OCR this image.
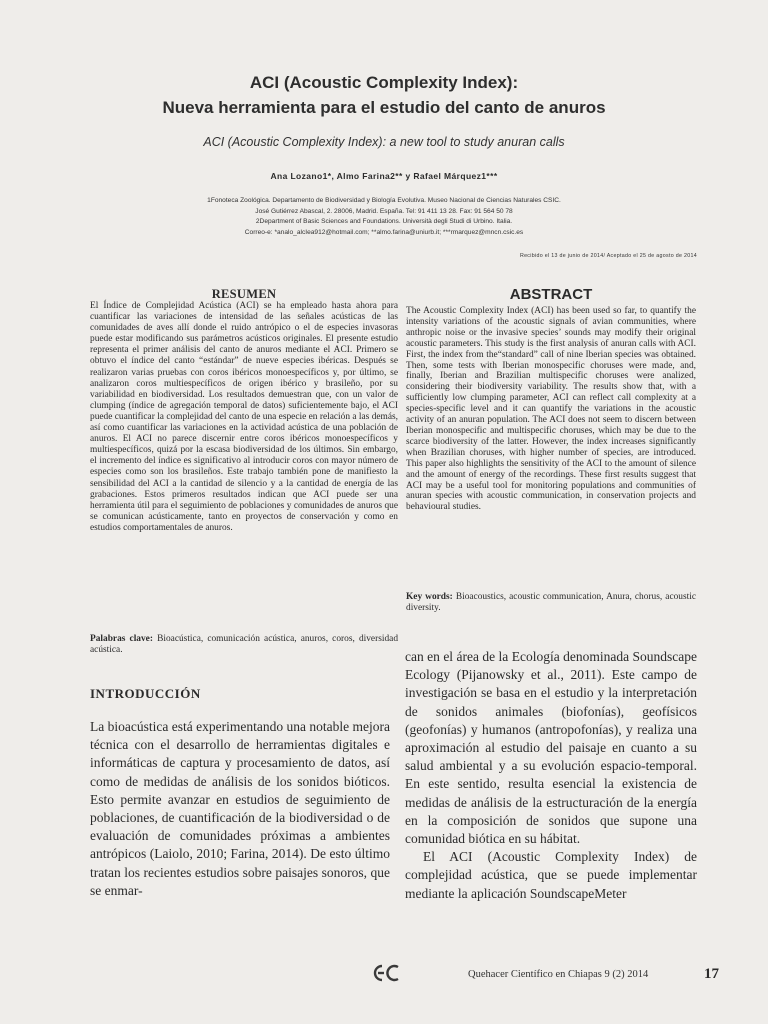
ACI (Acoustic Complexity Index):
Nueva herramienta para el estudio del canto de anuros
ACI (Acoustic Complexity Index): a new tool to study anuran calls
Ana Lozano1*, Almo Farina2** y Rafael Márquez1***
1Fonoteca Zoológica. Departamento de Biodiversidad y Biología Evolutiva. Museo Nacional de Ciencias Naturales CSIC.
José Gutiérrez Abascal, 2. 28006, Madrid. España. Tel: 91 411 13 28. Fax: 91 564 50 78
2Department of Basic Sciences and Foundations. Università degli Studi di Urbino. Italia.
Correo-e: *analo_alcIea912@hotmail.com; **almo.farina@uniurb.it; ***rmarquez@mncn.csic.es
Recibido el 13 de junio de 2014/ Aceptado el 25 de agosto de 2014
RESUMEN
El Índice de Complejidad Acústica (ACI) se ha empleado hasta ahora para cuantificar las variaciones de intensidad de las señales acústicas de las comunidades de aves allí donde el ruido antrópico o el de especies invasoras puede estar modificando sus parámetros acústicos originales. El presente estudio representa el primer análisis del canto de anuros mediante el ACI. Primero se obtuvo el índice del canto “estándar” de nueve especies ibéricas. Después se realizaron varias pruebas con coros ibéricos monoespecíficos y, por último, se analizaron coros multiespecíficos de origen ibérico y brasileño, por su variabilidad en biodiversidad. Los resultados demuestran que, con un valor de clumping (índice de agregación temporal de datos) suficientemente bajo, el ACI puede cuantificar la complejidad del canto de una especie en relación a las demás, así como cuantificar las variaciones en la actividad acústica de una población de anuros. El ACI no parece discernir entre coros ibéricos monoespecíficos y multiespecíficos, quizá por la escasa biodiversidad de los últimos. Sin embargo, el incremento del índice es significativo al introducir coros con mayor número de especies como son los brasileños. Este trabajo también pone de manifiesto la sensibilidad del ACI a la cantidad de silencio y a la cantidad de energía de las grabaciones. Estos primeros resultados indican que ACI puede ser una herramienta útil para el seguimiento de poblaciones y comunidades de anuros que se comunican acústicamente, tanto en proyectos de conservación y como en estudios comportamentales de anuros.
Palabras clave: Bioacústica, comunicación acústica, anuros, coros, diversidad acústica.
ABSTRACT
The Acoustic Complexity Index (ACI) has been used so far, to quantify the intensity variations of the acoustic signals of avian communities, where anthropic noise or the invasive species’ sounds may modify their original acoustic parameters. This study is the first analysis of anuran calls with ACI. First, the index from the“standard” call of nine Iberian species was obtained. Then, some tests with Iberian monospecific choruses were made, and, finally, Iberian and Brazilian multispecific choruses were analized, considering their biodiversity variability. The results show that, with a sufficiently low clumping parameter, ACI can reflect call complexity at a species-specific level and it can quantify the variations in the acoustic activity of an anuran population. The ACI does not seem to discern between Iberian monospecific and multispecific choruses, which may be due to the scarce biodiversity of the latter. However, the index increases significantly when Brazilian choruses, with higher number of species, are introduced. This paper also highlights the sensitivity of the ACI to the amount of silence and the amount of energy of the recordings. These first results suggest that ACI may be a useful tool for monitoring populations and communities of anuran species with acoustic communication, in conservation projects and behavioural studies.
Key words: Bioacoustics, acoustic communication, Anura, chorus, acoustic diversity.
INTRODUCCIÓN
La bioacústica está experimentando una notable mejora técnica con el desarrollo de herramientas digitales e informáticas de captura y procesamiento de datos, así como de medidas de análisis de los sonidos bióticos. Esto permite avanzar en estudios de seguimiento de poblaciones, de cuantificación de la biodiversidad o de evaluación de comunidades próximas a ambientes antrópicos (Laiolo, 2010; Farina, 2014). De esto último tratan los recientes estudios sobre paisajes sonoros, que se enmar-

can en el área de la Ecología denominada Soundscape Ecology (Pijanowsky et al., 2011). Este campo de investigación se basa en el estudio y la interpretación de sonidos animales (biofonías), geofísicos (geofonías) y humanos (antropofonías), y realiza una aproximación al estudio del paisaje en cuanto a su salud ambiental y a su evolución espacio-temporal. En este sentido, resulta esencial la existencia de medidas de análisis de la estructuración de la energía en la composición de sonidos que supone una comunidad biótica en su hábitat.

El ACI (Acoustic Complexity Index) de complejidad acústica, que se puede implementar mediante la aplicación SoundscapeMeter

Quehacer Científico en Chiapas 9 (2) 2014	17
